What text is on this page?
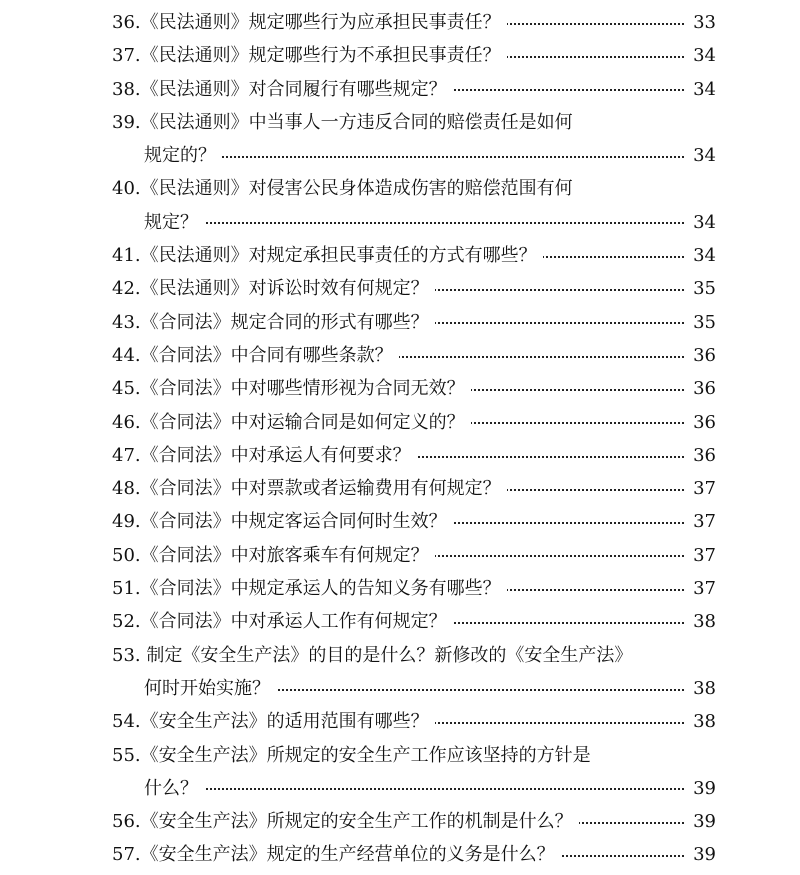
36.《民法通则》规定哪些行为应承担民事责任？	33
37.《民法通则》规定哪些行为不承担民事责任？	34
38.《民法通则》对合同履行有哪些规定？	34
39.《民法通则》中当事人一方违反合同的赔偿责任是如何
规定的？	34
40.《民法通则》对侵害公民身体造成伤害的赔偿范围有何
规定？	34
41.《民法通则》对规定承担民事责任的方式有哪些？	34
42.《民法通则》对诉讼时效有何规定？	35
43.《合同法》规定合同的形式有哪些？	35
44.《合同法》中合同有哪些条款？	36
45.《合同法》中对哪些情形视为合同无效？	36
46.《合同法》中对运输合同是如何定义的？	36
47.《合同法》中对承运人有何要求？	36
48.《合同法》中对票款或者运输费用有何规定？	37
49.《合同法》中规定客运合同何时生效？	37
50.《合同法》中对旅客乘车有何规定？	37
51.《合同法》中规定承运人的告知义务有哪些？	37
52.《合同法》中对承运人工作有何规定？	38
53. 制定《安全生产法》的目的是什么？新修改的《安全生产法》
何时开始实施？	38
54.《安全生产法》的适用范围有哪些？	38
55.《安全生产法》所规定的安全生产工作应该坚持的方针是
什么？	39
56.《安全生产法》所规定的安全生产工作的机制是什么？	39
57.《安全生产法》规定的生产经营单位的义务是什么？	39
